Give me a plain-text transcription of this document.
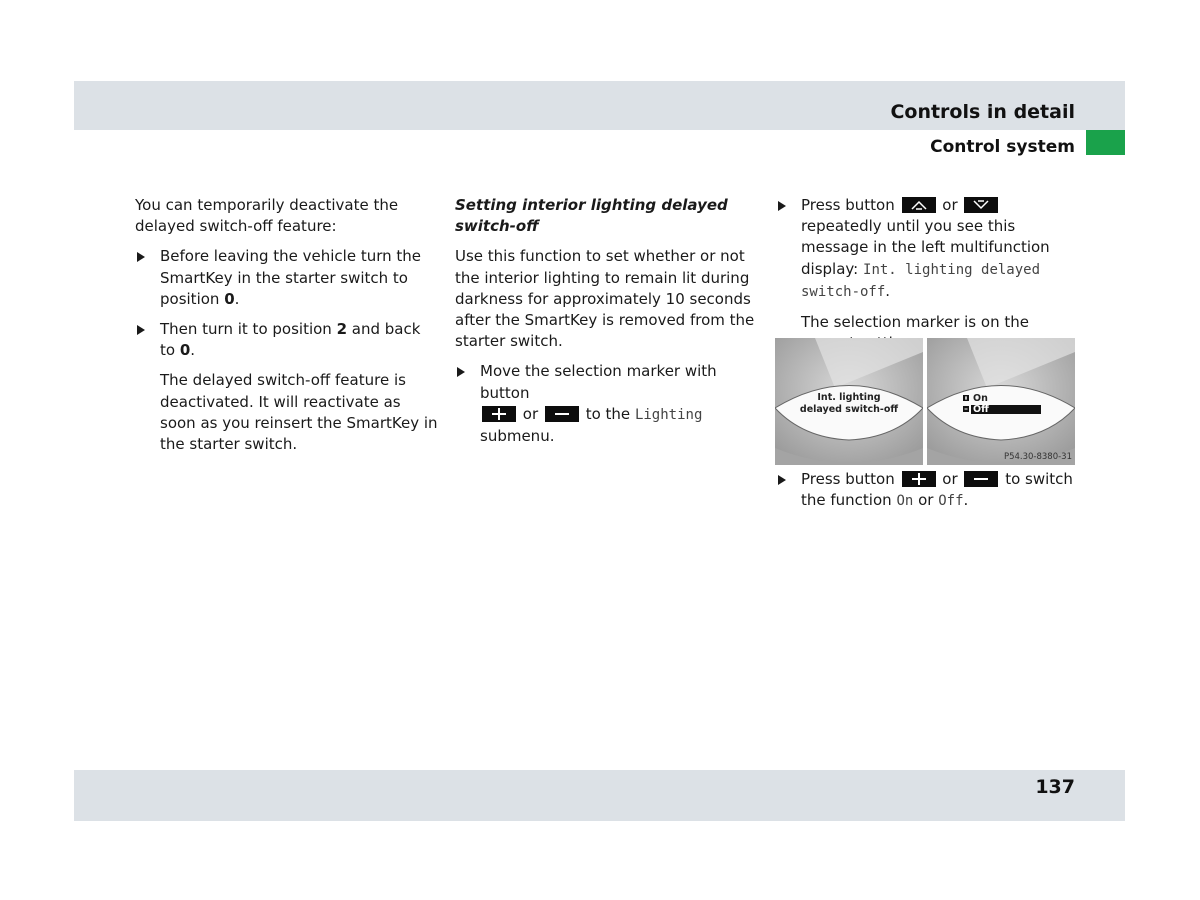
Controls in detail
Control system

You can temporarily deactivate the delayed switch-off feature:

Before leaving the vehicle turn the SmartKey in the starter switch to position 0.
Then turn it to position 2 and back to 0.

The delayed switch-off feature is deactivated. It will reactivate as soon as you reinsert the SmartKey in the starter switch.

Setting interior lighting delayed switch-off

Use this function to set whether or not the interior lighting to remain lit during darkness for approximately 10 seconds after the SmartKey is removed from the starter switch.

Move the selection marker with button

or	to the Lighting
submenu.
Press button	or
repeatedly until you see this message in the left multifunction display: Int. lighting delayed switch-off.

The selection marker is on the

Int. lighting
delayed switch-off
On
Off
P54.30-8380-31
Press button	or	to switch the function On or Off.
137
